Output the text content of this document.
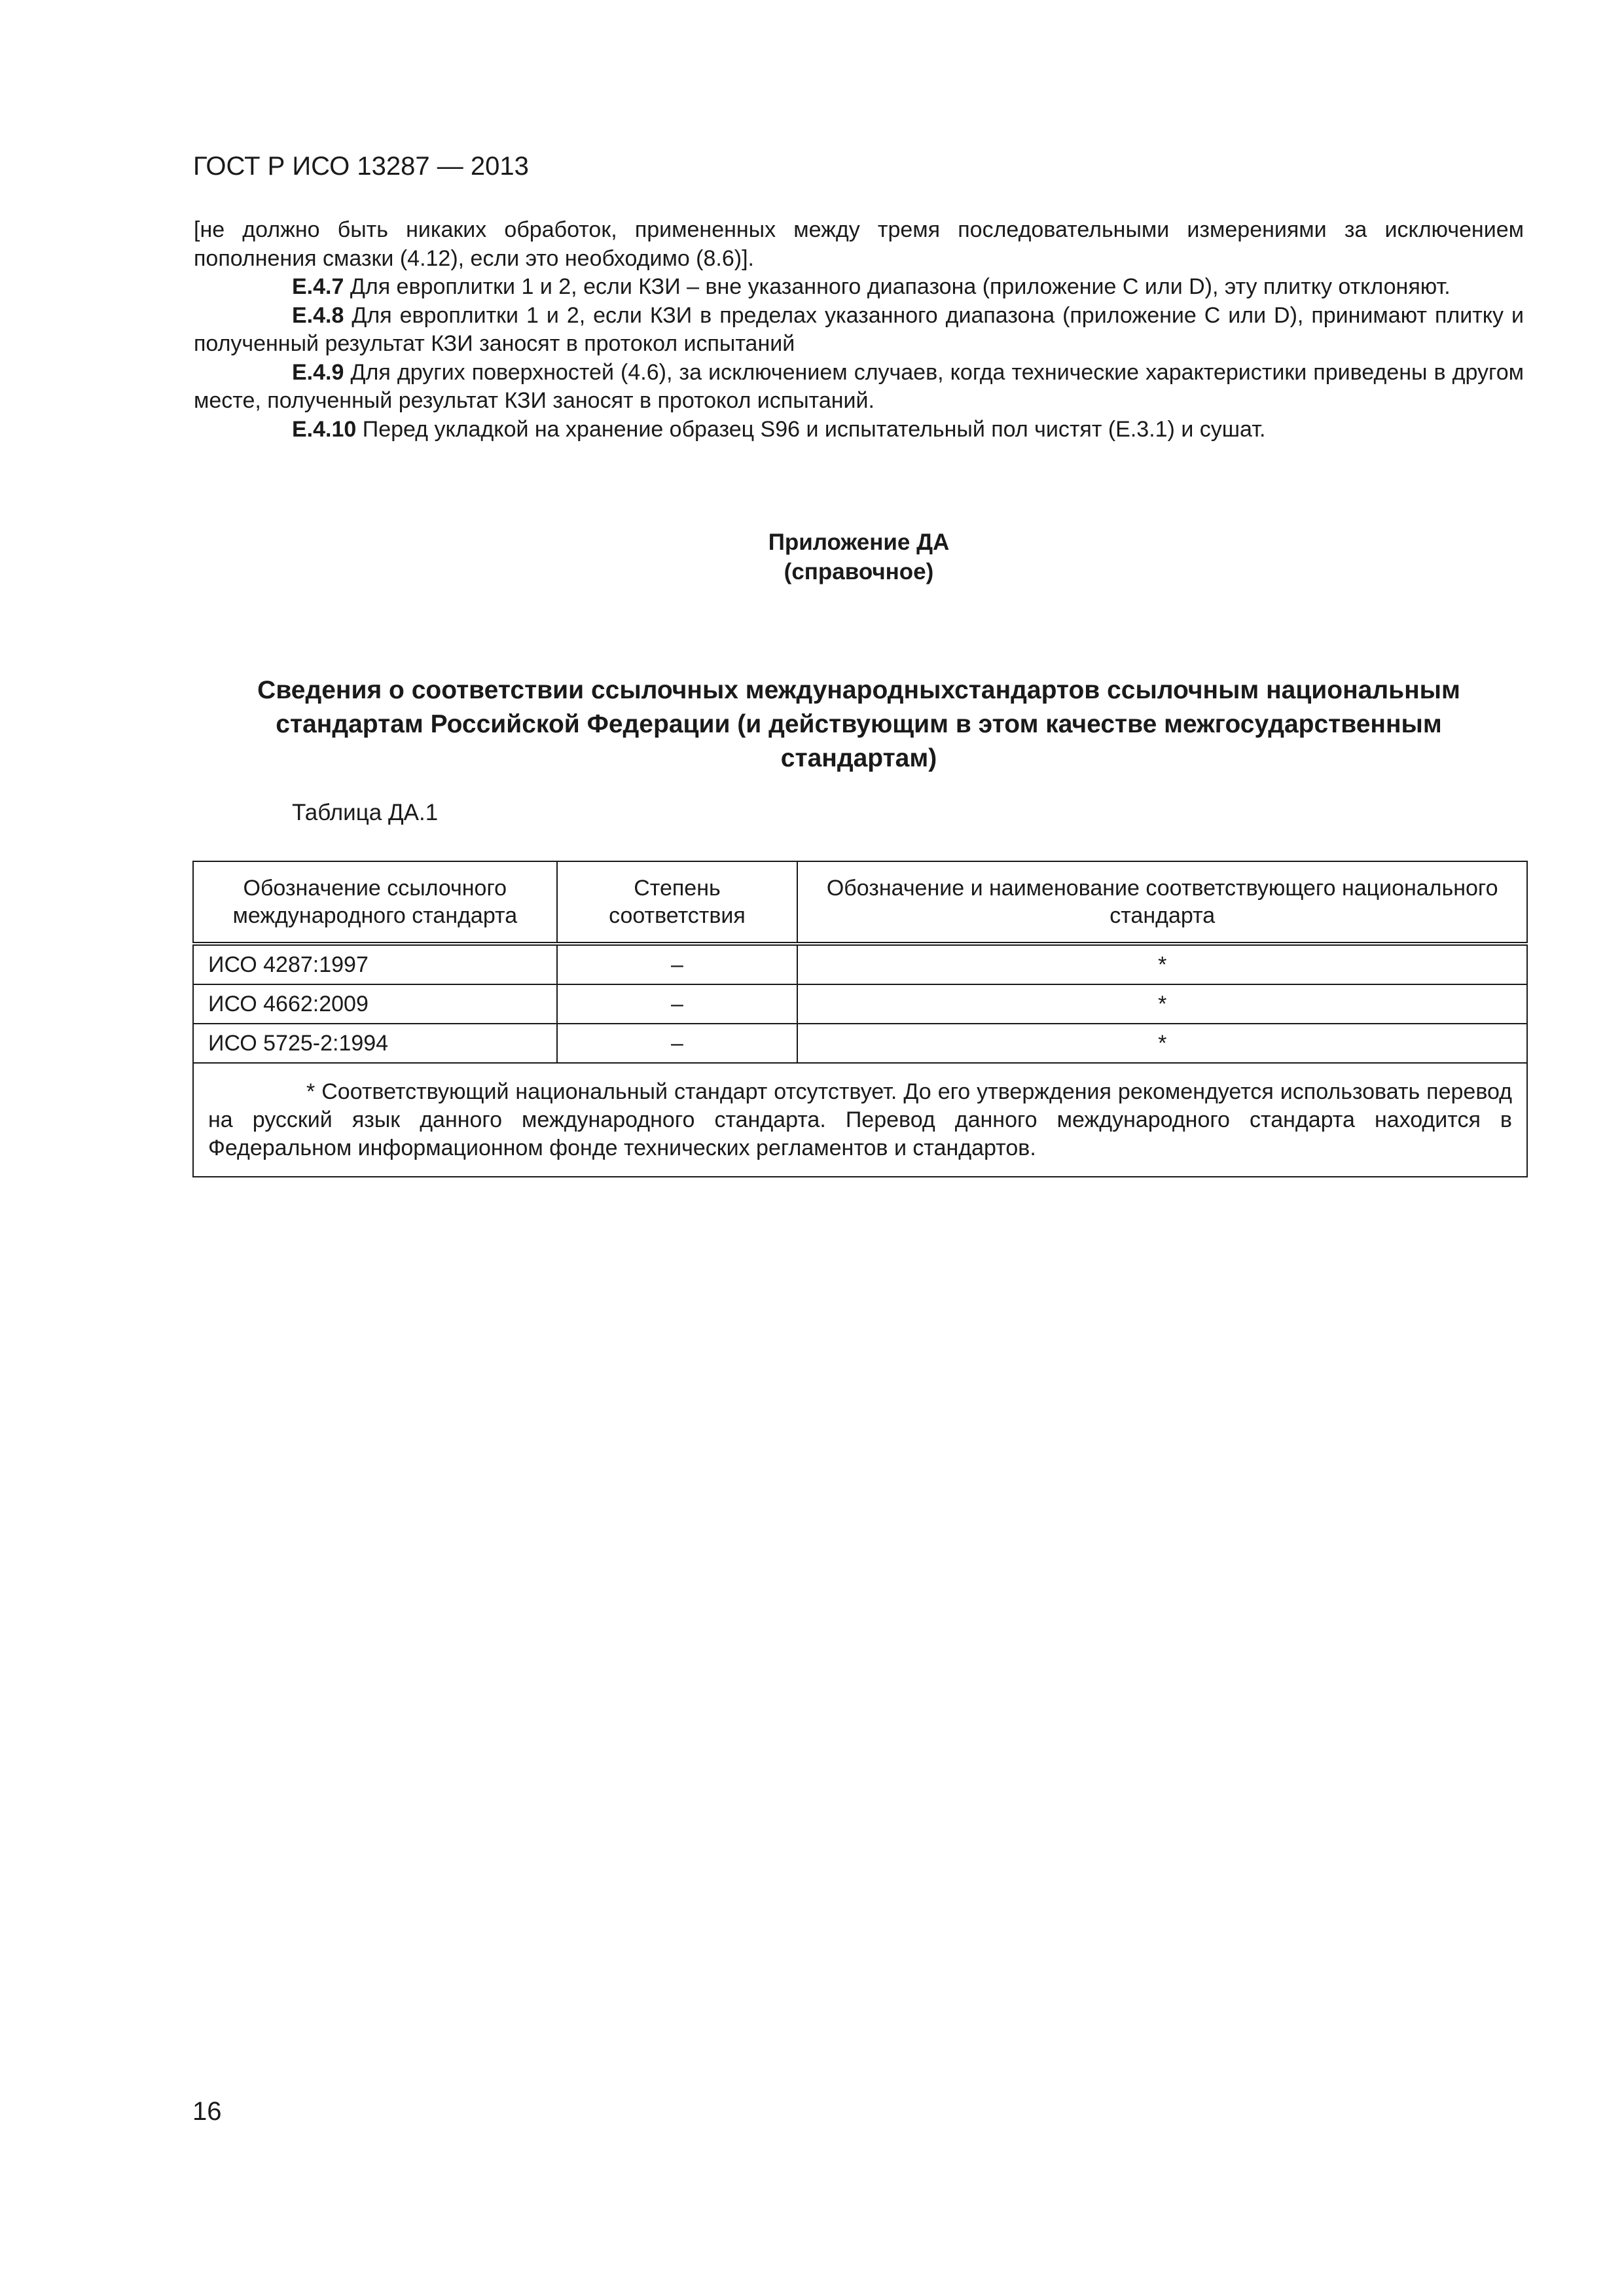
ГОСТ Р ИСО 13287 — 2013

[не должно быть никаких обработок, примененных между тремя последовательными измерениями за исключением пополнения смазки (4.12), если это необходимо (8.6)].

E.4.7 Для европлитки 1 и 2, если КЗИ – вне указанного диапазона (приложение С или D), эту плитку отклоняют.

E.4.8 Для европлитки 1 и 2, если КЗИ в пределах указанного диапазона (приложение С или D), принимают плитку и полученный результат КЗИ заносят в протокол испытаний

E.4.9 Для других поверхностей (4.6), за исключением случаев, когда технические характеристики приведены в другом месте, полученный результат КЗИ заносят в протокол испытаний.

E.4.10 Перед укладкой на хранение образец S96 и испытательный пол чистят (Е.3.1) и сушат.

Приложение ДА
(справочное)
Сведения о соответствии ссылочных международныхстандартов ссылочным национальным
стандартам Российской Федерации (и действующим в этом качестве межгосударственным
стандартам)
Таблица ДА.1
Обозначение ссылочного международного стандарта	Степень соответствия	Обозначение и наименование соответствующего национального стандарта
ИСО 4287:1997	–	*
ИСО 4662:2009	–	*
ИСО 5725-2:1994	–	*

* Соответствующий национальный стандарт отсутствует. До его утверждения рекомендуется использовать перевод на русский язык данного международного стандарта. Перевод данного международного стандарта находится в Федеральном информационном фонде технических регламентов и стандартов.		
16
